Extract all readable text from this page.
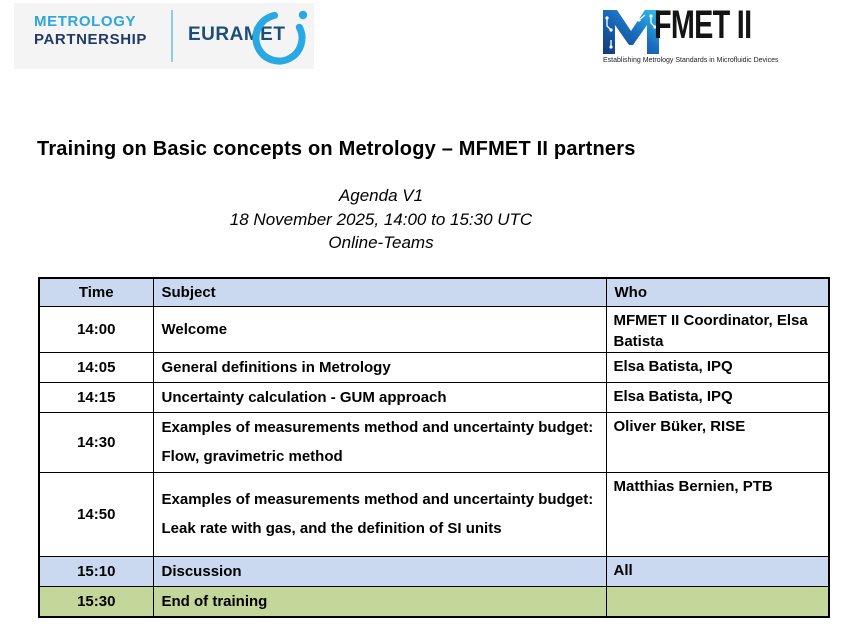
METROLOGY
PARTNERSHIP EURAMET	FMET II
Establishing Metrology Standards in Microfluidic Devices
Training on Basic concepts on Metrology – MFMET II partners
Agenda V1
18 November 2025, 14:00 to 15:30 UTC
Online-Teams
Time	Subject	Who
14:00	Welcome	MFMET II Coordinator, Elsa Batista
14:05	General definitions in Metrology	Elsa Batista, IPQ
14:15	Uncertainty calculation - GUM approach	Elsa Batista, IPQ
14:30	Examples of measurements method and uncertainty budget: Flow, gravimetric method	Oliver Büker, RISE
14:50	Examples of measurements method and uncertainty budget: Leak rate with gas, and the definition of SI units	Matthias Bernien, PTB
15:10	Discussion	All
15:30	End of training	
